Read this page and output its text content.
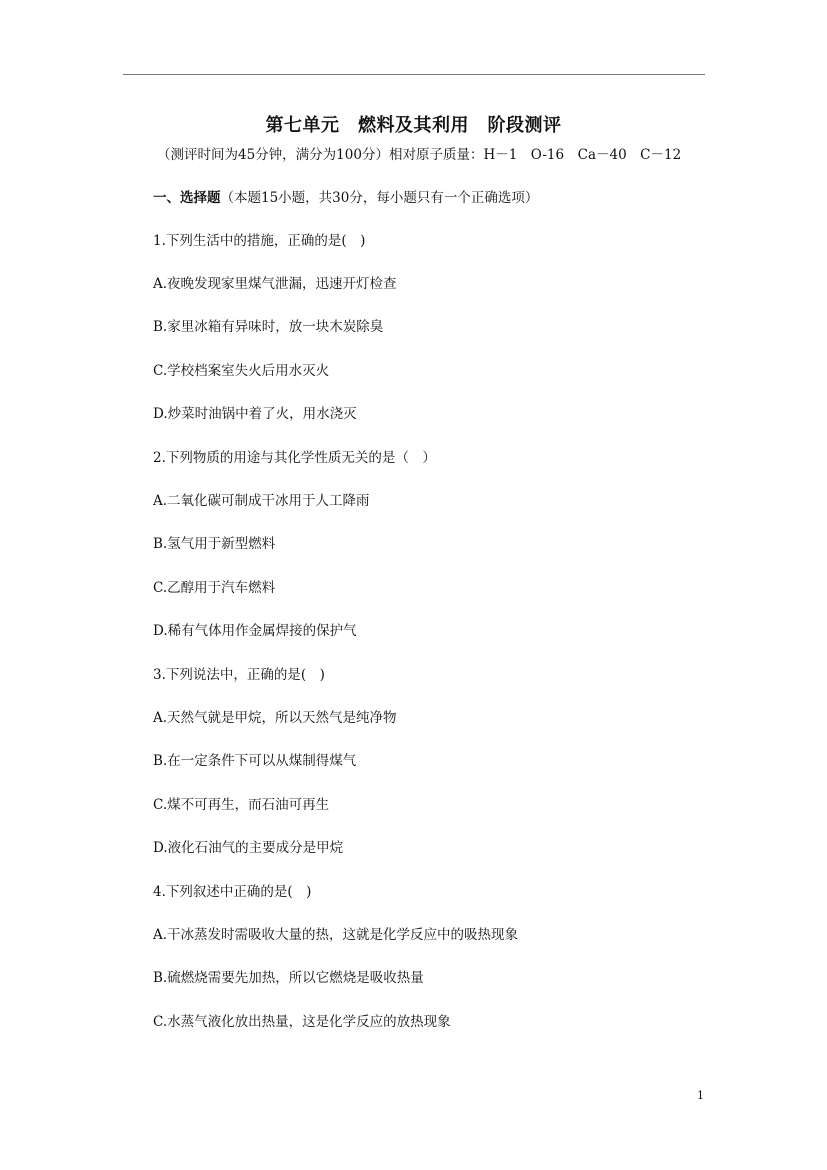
第七单元　燃料及其利用　阶段测评
（测评时间为45分钟，满分为100分）相对原子质量：H－1　O-16　Ca－40　C－12
一、选择题（本题15小题，共30分，每小题只有一个正确选项）
1.下列生活中的措施，正确的是(　)
A.夜晚发现家里煤气泄漏，迅速开灯检查
B.家里冰箱有异味时，放一块木炭除臭
C.学校档案室失火后用水灭火
D.炒菜时油锅中着了火，用水浇灭
2.下列物质的用途与其化学性质无关的是（　）
A.二氧化碳可制成干冰用于人工降雨
B.氢气用于新型燃料
C.乙醇用于汽车燃料
D.稀有气体用作金属焊接的保护气
3.下列说法中，正确的是(　)
A.天然气就是甲烷，所以天然气是纯净物
B.在一定条件下可以从煤制得煤气
C.煤不可再生，而石油可再生
D.液化石油气的主要成分是甲烷
4.下列叙述中正确的是(　)
A.干冰蒸发时需吸收大量的热，这就是化学反应中的吸热现象
B.硫燃烧需要先加热，所以它燃烧是吸收热量
C.水蒸气液化放出热量，这是化学反应的放热现象
1
